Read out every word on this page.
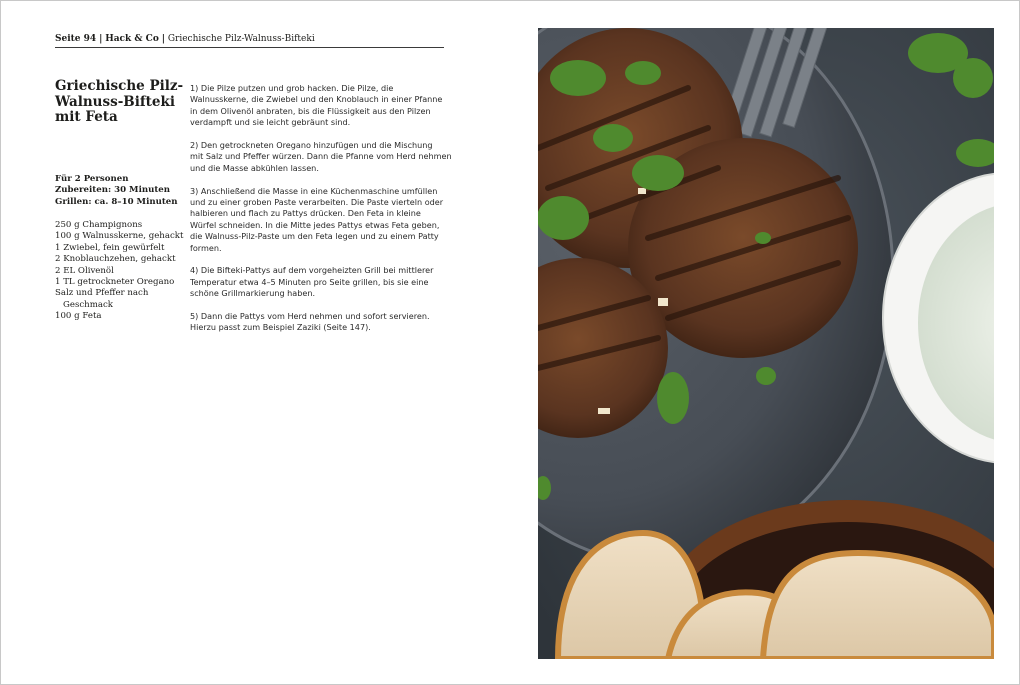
Seite 94 | Hack & Co | Griechische Pilz-Walnuss-Bifteki
Griechische Pilz-
Walnuss-Bifteki
mit Feta
Für 2 Personen
Zubereiten: 30 Minuten
Grillen: ca. 8–10 Minuten
250 g Champignons
100 g Walnusskerne, gehackt
1 Zwiebel, fein gewürfelt
2 Knoblauchzehen, gehackt
2 EL Olivenöl
1 TL getrockneter Oregano
Salz und Pfeffer nach
Geschmack
100 g Feta

1) Die Pilze putzen und grob hacken. Die Pilze, die
Walnusskerne, die Zwiebel und den Knoblauch in einer Pfanne
in dem Olivenöl anbraten, bis die Flüssigkeit aus den Pilzen
verdampft und sie leicht gebräunt sind.

2) Den getrockneten Oregano hinzufügen und die Mischung
mit Salz und Pfeffer würzen. Dann die Pfanne vom Herd nehmen
und die Masse abkühlen lassen.

3) Anschließend die Masse in eine Küchenmaschine umfüllen
und zu einer groben Paste verarbeiten. Die Paste vierteln oder
halbieren und flach zu Pattys drücken. Den Feta in kleine
Würfel schneiden. In die Mitte jedes Pattys etwas Feta geben,
die Walnuss-Pilz-Paste um den Feta legen und zu einem Patty
formen.

4) Die Bifteki-Pattys auf dem vorgeheizten Grill bei mittlerer
Temperatur etwa 4–5 Minuten pro Seite grillen, bis sie eine
schöne Grillmarkierung haben.

5) Dann die Pattys vom Herd nehmen und sofort servieren.
Hierzu passt zum Beispiel Zaziki (Seite 147).
